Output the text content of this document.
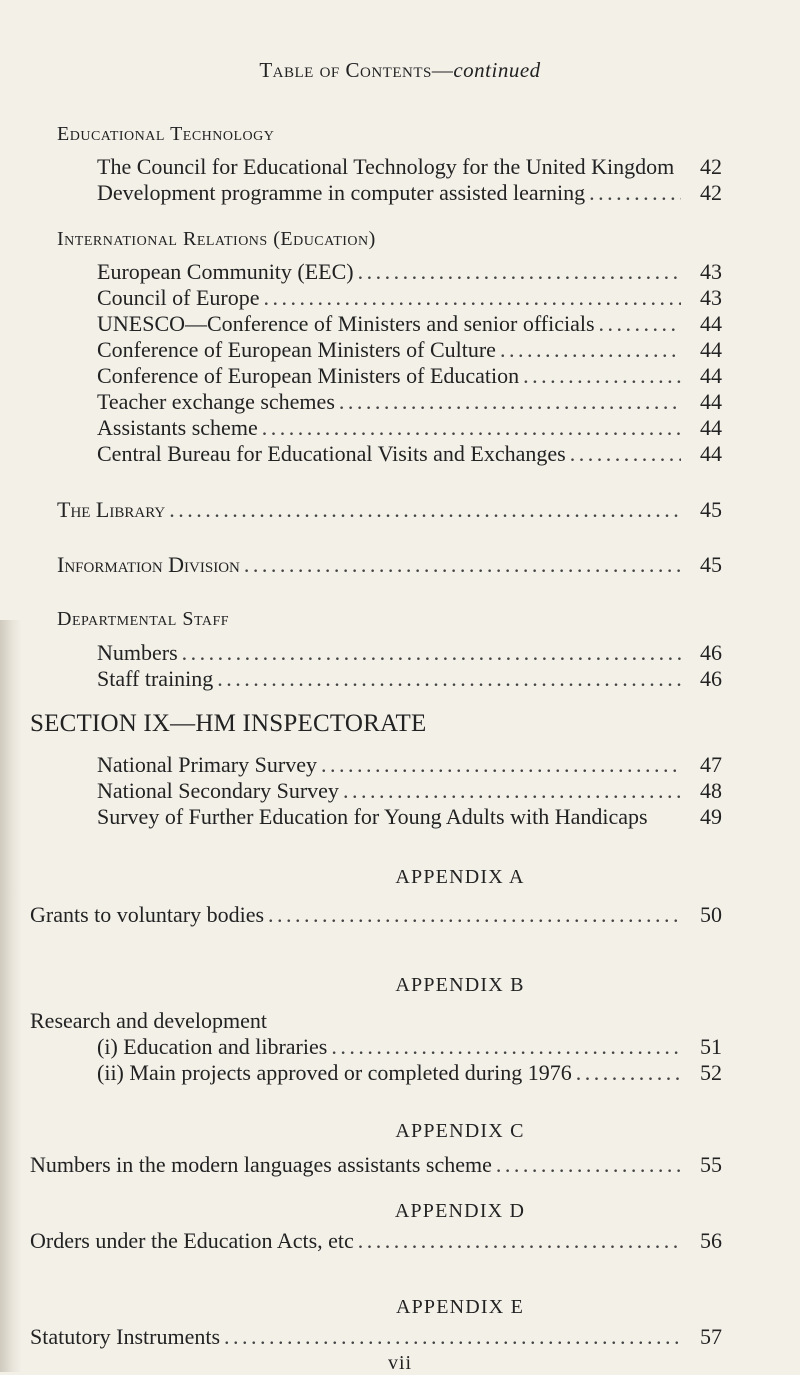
Table of Contents—continued
Educational Technology
The Council for Educational Technology for the United Kingdom 42
Development programme in computer assisted learning . . .	42
International Relations (Education)
European Community (EEC) . . .	43
Council of Europe . . .	43
UNESCO—Conference of Ministers and senior officials . . .	44
Conference of European Ministers of Culture . . .	44
Conference of European Ministers of Education . . .	44
Teacher exchange schemes . . .	44
Assistants scheme . . .	44
Central Bureau for Educational Visits and Exchanges . . .	44
The Library . . .	45
Information Division . . .	45
Departmental Staff
Numbers . . .	46
Staff training . . .	46
SECTION IX—HM INSPECTORATE
National Primary Survey . . .	47
National Secondary Survey . . .	48
Survey of Further Education for Young Adults with Handicaps 49
APPENDIX A
Grants to voluntary bodies . . .	50
APPENDIX B
Research and development
(i) Education and libraries . . .	51
(ii) Main projects approved or completed during 1976 . . .	52
APPENDIX C
Numbers in the modern languages assistants scheme . . .	55
APPENDIX D
Orders under the Education Acts, etc . . .	56
APPENDIX E
Statutory Instruments . . .	57
vii
